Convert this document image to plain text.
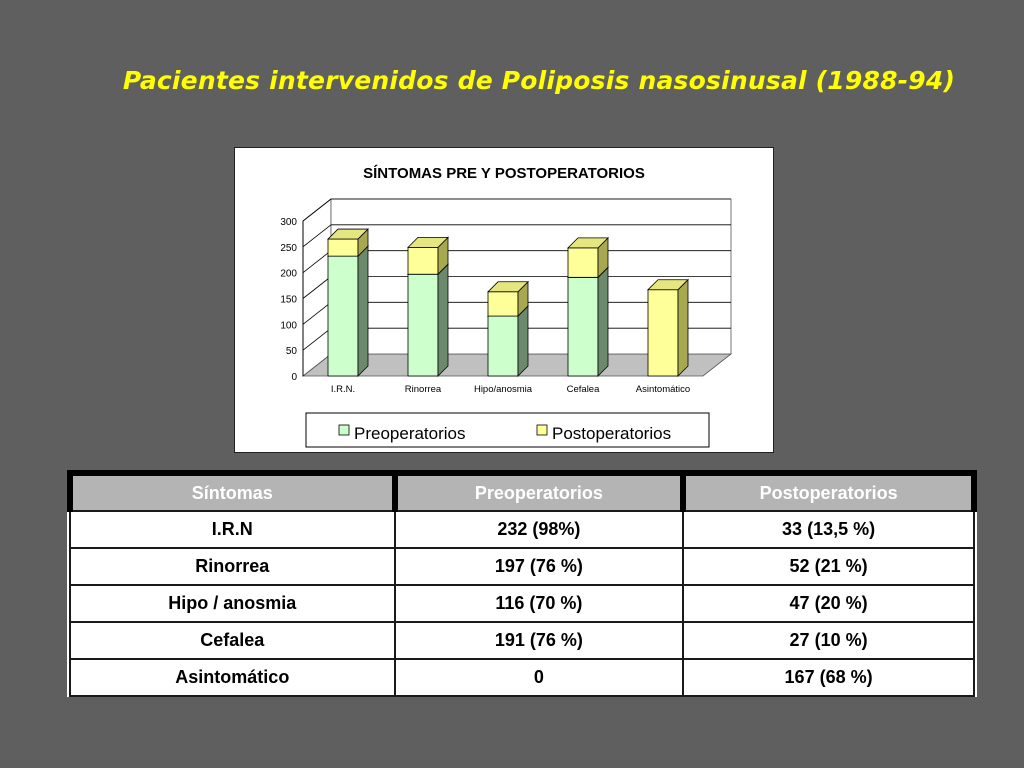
Pacientes intervenidos de Poliposis nasosinusal (1988-94)
SÍNTOMAS PRE Y POSTOPERATORIOS
0
50
100
150
200
250
300
I.R.N.	Rinorrea	Hipo/anosmia	Cefalea	Asintomático
Preoperatorios	Postoperatorios
Síntomas	Preoperatorios	Postoperatorios
I.R.N	232 (98%)	33 (13,5 %)
Rinorrea	197 (76 %)	52 (21 %)
Hipo / anosmia	116 (70 %)	47 (20 %)
Cefalea	191 (76 %)	27 (10 %)
Asintomático	0	167 (68 %)
